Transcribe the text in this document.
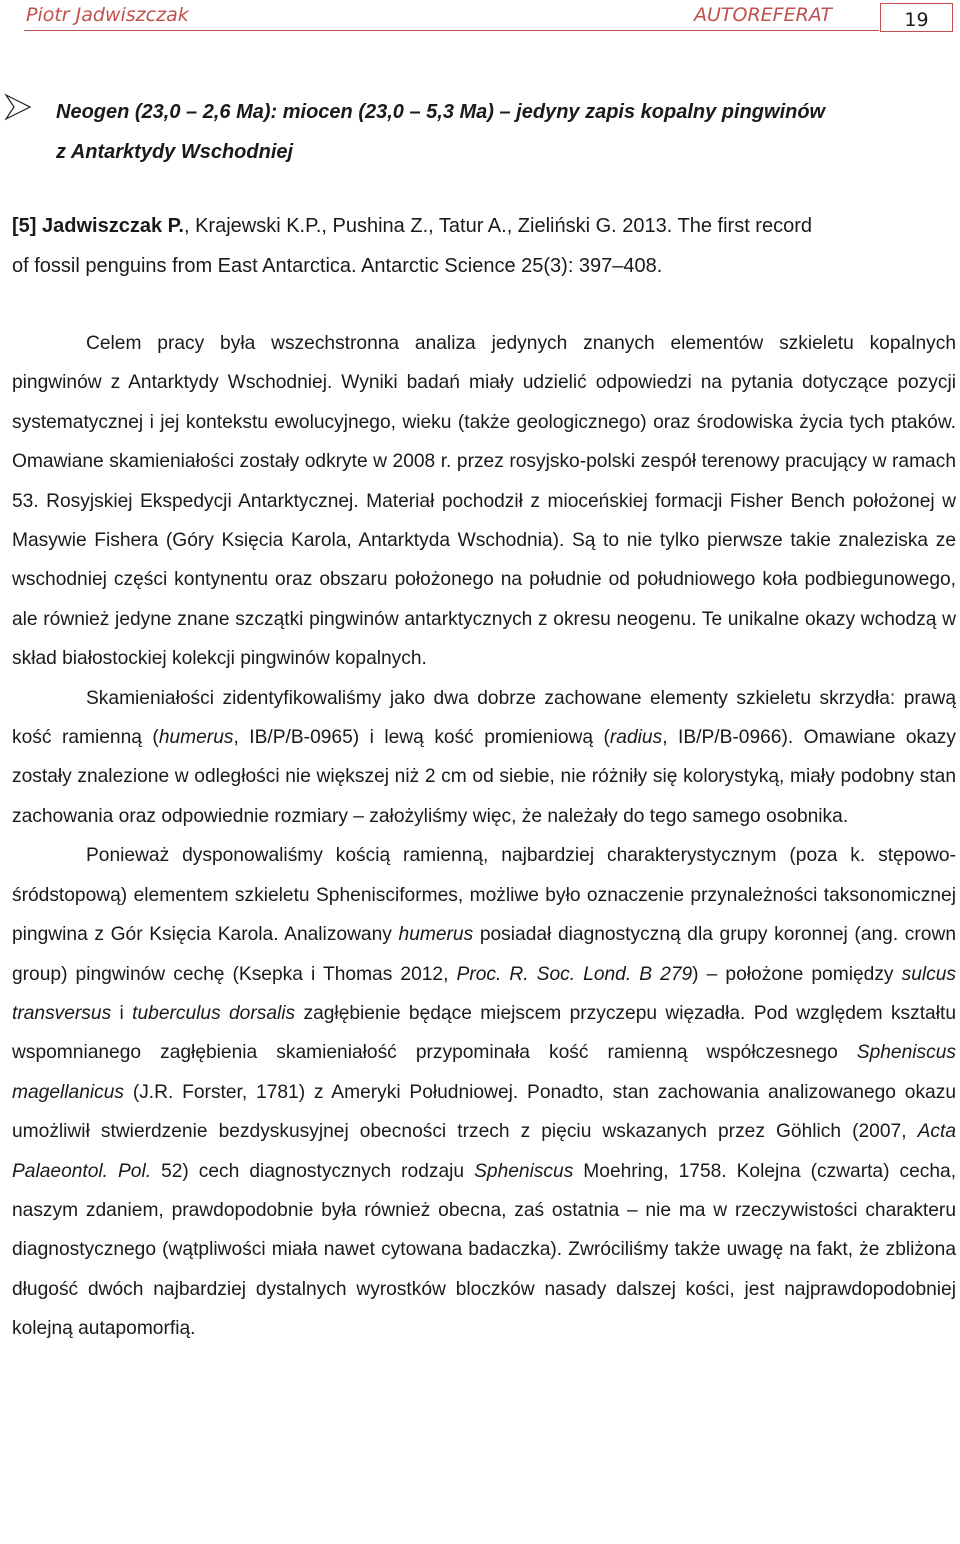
Piotr Jadwiszczak	AUTOREFERAT	19
Neogen (23,0 – 2,6 Ma): miocen (23,0 – 5,3 Ma) – jedyny zapis kopalny pingwinów
z Antarktydy Wschodniej
[5] Jadwiszczak P., Krajewski K.P., Pushina Z., Tatur A., Zieliński G. 2013. The first record
of fossil penguins from East Antarctica. Antarctic Science 25(3): 397–408.

Celem pracy była wszechstronna analiza jedynych znanych elementów szkieletu kopalnych pingwinów z Antarktydy Wschodniej. Wyniki badań miały udzielić odpowiedzi na pytania dotyczące pozycji systematycznej i jej kontekstu ewolucyjnego, wieku (także geologicznego) oraz środowiska życia tych ptaków. Omawiane skamieniałości zostały odkryte w 2008 r. przez rosyjsko-polski zespół terenowy pracujący w ramach 53. Rosyjskiej Ekspedycji Antarktycznej. Materiał pochodził z mioceńskiej formacji Fisher Bench położonej w Masywie Fishera (Góry Księcia Karola, Antarktyda Wschodnia). Są to nie tylko pierwsze takie znaleziska ze wschodniej części kontynentu oraz obszaru położonego na południe od południowego koła podbiegunowego, ale również jedyne znane szczątki pingwinów antarktycznych z okresu neogenu. Te unikalne okazy wchodzą w skład białostockiej kolekcji pingwinów kopalnych.

Skamieniałości zidentyfikowaliśmy jako dwa dobrze zachowane elementy szkieletu skrzydła: prawą kość ramienną (humerus, IB/P/B-0965) i lewą kość promieniową (radius, IB/P/B-0966). Omawiane okazy zostały znalezione w odległości nie większej niż 2 cm od siebie, nie różniły się kolorystyką, miały podobny stan zachowania oraz odpowiednie rozmiary – założyliśmy więc, że należały do tego samego osobnika.

Ponieważ dysponowaliśmy kością ramienną, najbardziej charakterystycznym (poza k. stępowo-śródstopową) elementem szkieletu Sphenisciformes, możliwe było oznaczenie przynależności taksonomicznej pingwina z Gór Księcia Karola. Analizowany humerus posiadał diagnostyczną dla grupy koronnej (ang. crown group) pingwinów cechę (Ksepka i Thomas 2012, Proc. R. Soc. Lond. B 279) – położone pomiędzy sulcus transversus i tuberculus dorsalis zagłębienie będące miejscem przyczepu więzadła. Pod względem kształtu wspomnianego zagłębienia skamieniałość przypominała kość ramienną współczesnego Spheniscus magellanicus (J.R. Forster, 1781) z Ameryki Południowej. Ponadto, stan zachowania analizowanego okazu umożliwił stwierdzenie bezdyskusyjnej obecności trzech z pięciu wskazanych przez Göhlich (2007, Acta Palaeontol. Pol. 52) cech diagnostycznych rodzaju Spheniscus Moehring, 1758. Kolejna (czwarta) cecha, naszym zdaniem, prawdopodobnie była również obecna, zaś ostatnia – nie ma w rzeczywistości charakteru diagnostycznego (wątpliwości miała nawet cytowana badaczka). Zwróciliśmy także uwagę na fakt, że zbliżona długość dwóch najbardziej dystalnych wyrostków bloczków nasady dalszej kości, jest najprawdopodobniej kolejną autapomorfią.
